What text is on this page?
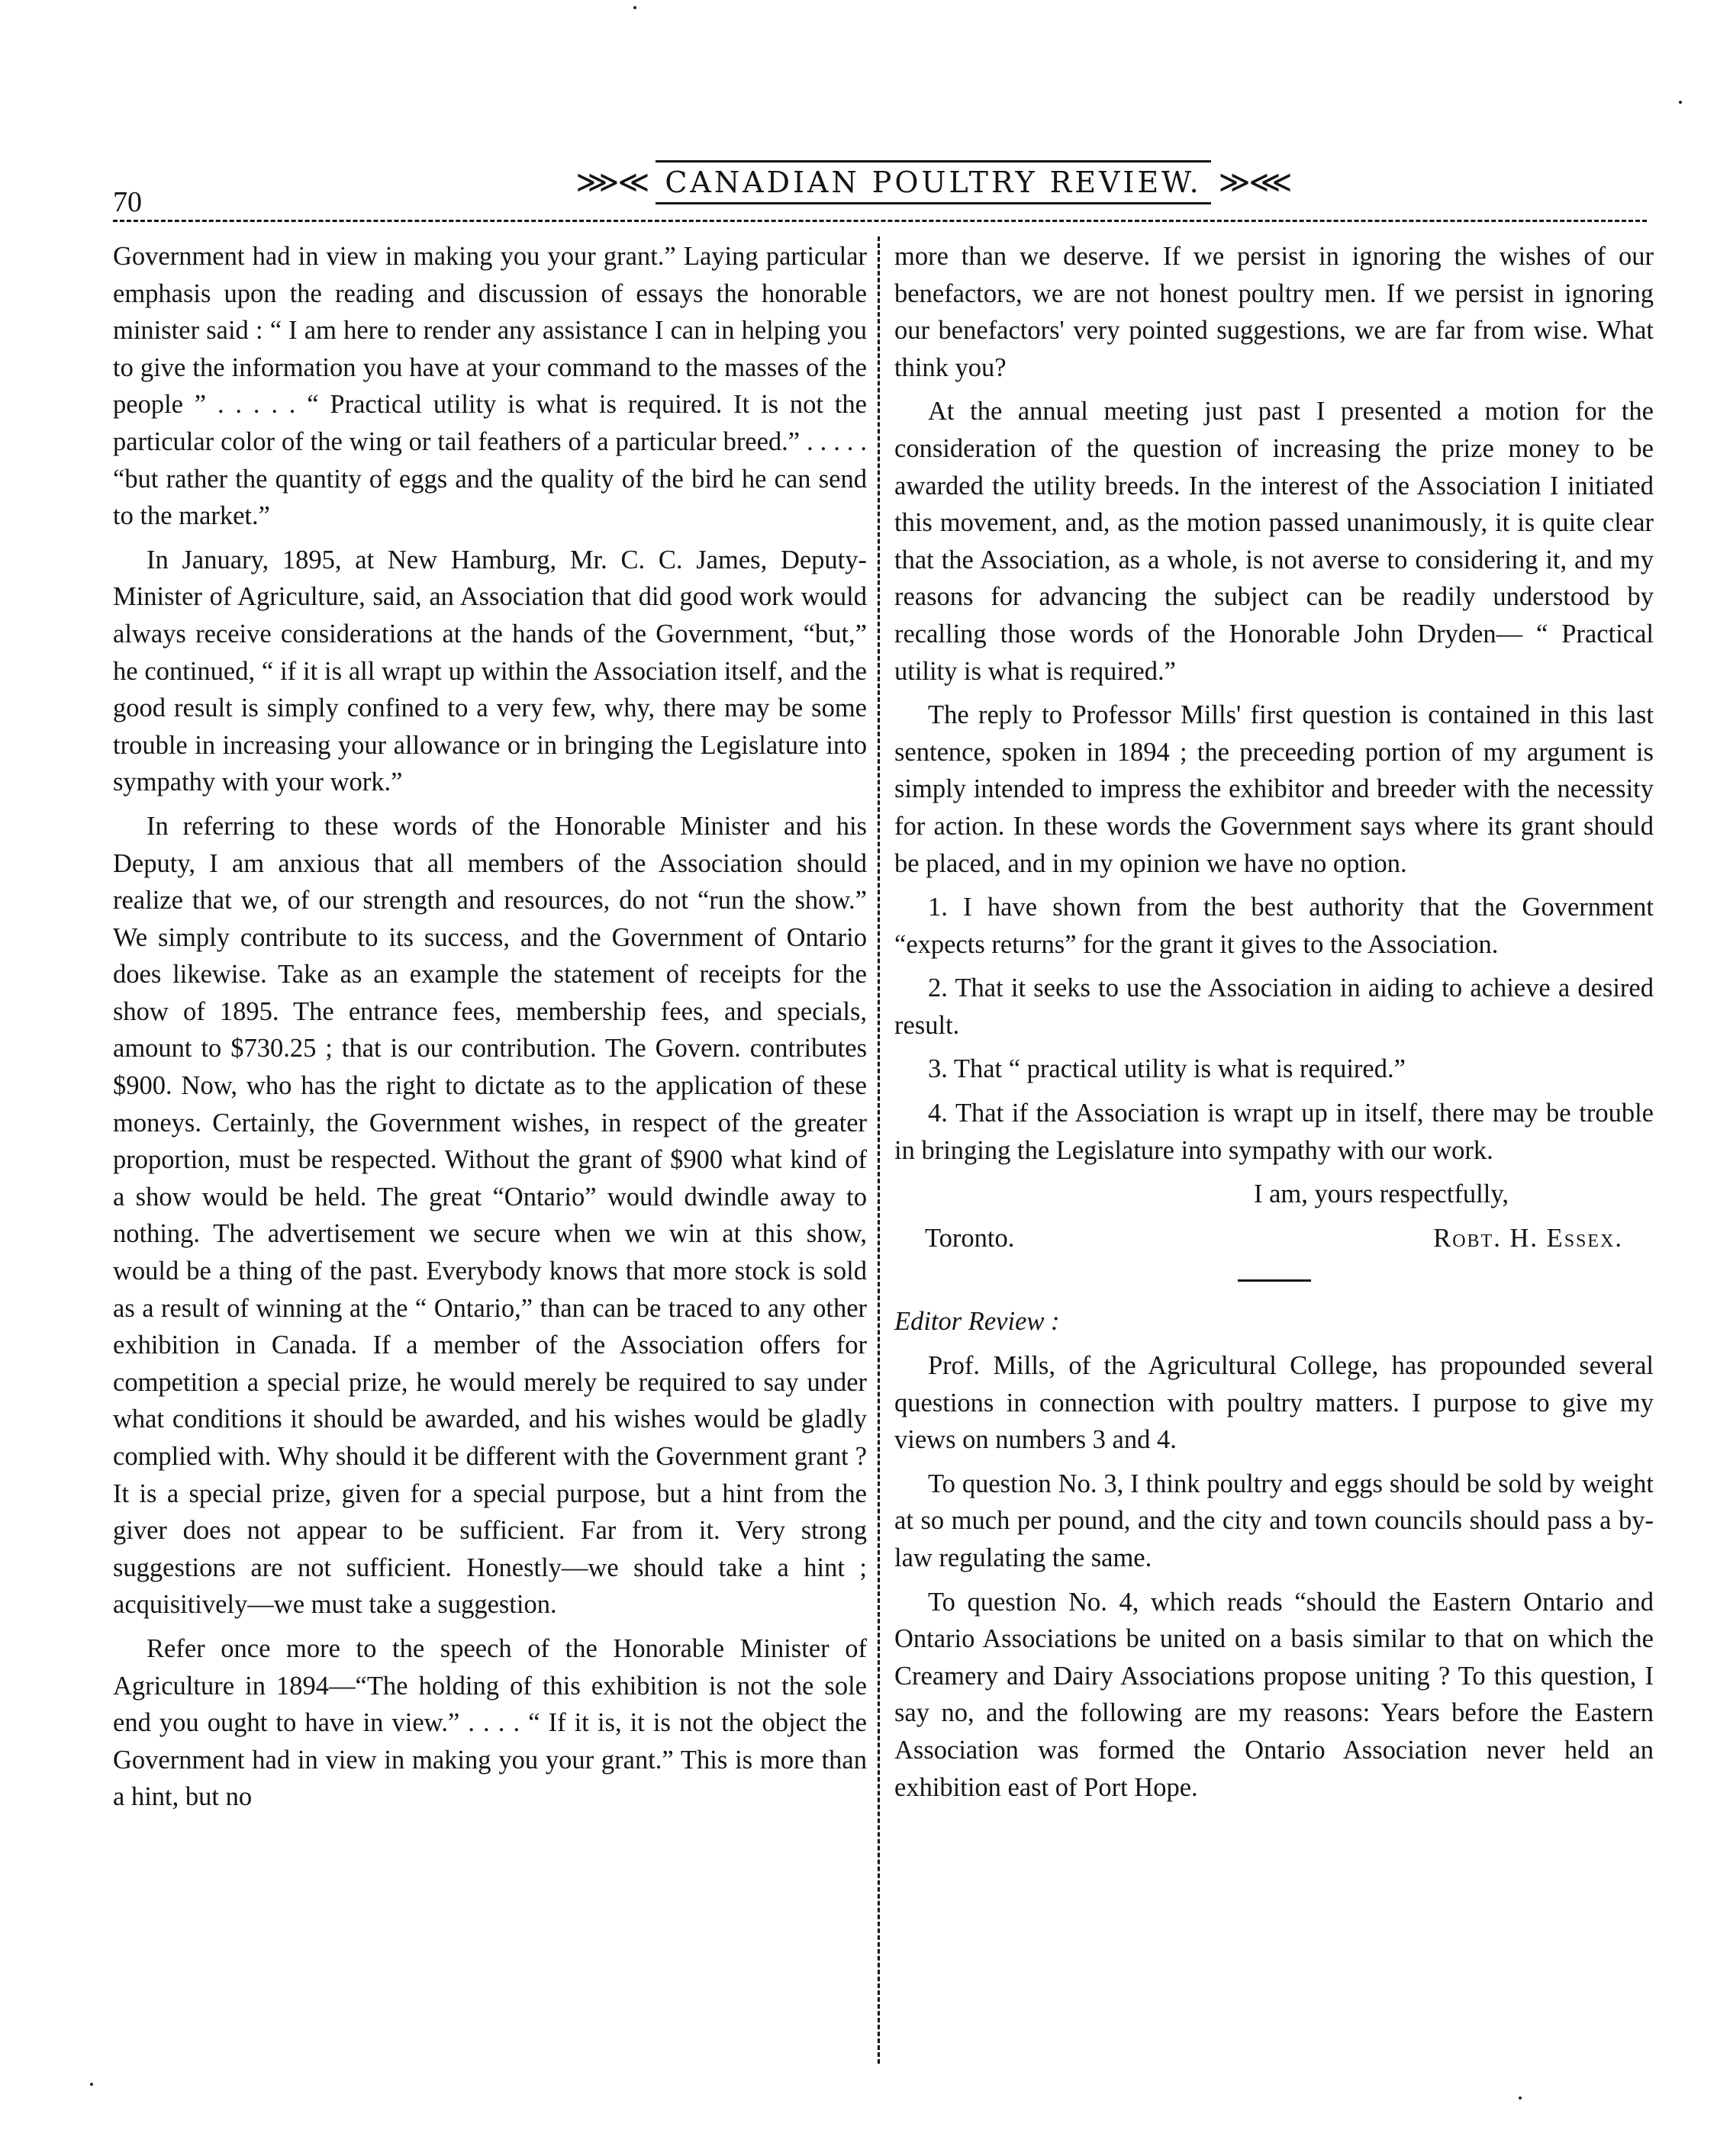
70
⋙≪ CANADIAN POULTRY REVIEW. ≫⋘

Government had in view in making you your grant.” Laying particular emphasis upon the reading and discussion of essays the honorable minister said : “ I am here to render any assistance I can in helping you to give the information you have at your command to the masses of the people ” . . . . . “ Practical utility is what is required. It is not the particular color of the wing or tail feathers of a particular breed.” . . . . . “but rather the quantity of eggs and the quality of the bird he can send to the market.”

In January, 1895, at New Hamburg, Mr. C. C. James, Deputy-Minister of Agriculture, said, an Association that did good work would always receive considerations at the hands of the Government, “but,” he continued, “ if it is all wrapt up within the Association itself, and the good result is simply confined to a very few, why, there may be some trouble in increasing your allowance or in bringing the Legislature into sympathy with your work.”

In referring to these words of the Honorable Minister and his Deputy, I am anxious that all members of the Association should realize that we, of our strength and resources, do not “run the show.” We simply contribute to its success, and the Government of Ontario does likewise. Take as an example the statement of receipts for the show of 1895. The entrance fees, membership fees, and specials, amount to $730.25 ; that is our contribution. The Govern. contributes $900. Now, who has the right to dictate as to the application of these moneys. Certainly, the Government wishes, in respect of the greater proportion, must be respected. Without the grant of $900 what kind of a show would be held. The great “Ontario” would dwindle away to nothing. The advertisement we secure when we win at this show, would be a thing of the past. Everybody knows that more stock is sold as a result of winning at the “ Ontario,” than can be traced to any other exhibition in Canada. If a member of the Association offers for competition a special prize, he would merely be required to say under what conditions it should be awarded, and his wishes would be gladly complied with. Why should it be different with the Government grant ? It is a special prize, given for a special purpose, but a hint from the giver does not appear to be sufficient. Far from it. Very strong suggestions are not sufficient. Honestly—we should take a hint ; acquisitively—we must take a suggestion.

Refer once more to the speech of the Honorable Minister of Agriculture in 1894—“The holding of this exhibition is not the sole end you ought to have in view.” . . . . “ If it is, it is not the object the Government had in view in making you your grant.” This is more than a hint, but no

more than we deserve. If we persist in ignoring the wishes of our benefactors, we are not honest poultry men. If we persist in ignoring our benefactors' very pointed suggestions, we are far from wise. What think you?

At the annual meeting just past I presented a motion for the consideration of the question of increasing the prize money to be awarded the utility breeds. In the interest of the Association I initiated this movement, and, as the motion passed unanimously, it is quite clear that the Association, as a whole, is not averse to considering it, and my reasons for advancing the subject can be readily understood by recalling those words of the Honorable John Dryden— “ Practical utility is what is required.”

The reply to Professor Mills' first question is contained in this last sentence, spoken in 1894 ; the preceeding portion of my argument is simply intended to impress the exhibitor and breeder with the necessity for action. In these words the Government says where its grant should be placed, and in my opinion we have no option.

1. I have shown from the best authority that the Government “expects returns” for the grant it gives to the Association.

2. That it seeks to use the Association in aiding to achieve a desired result.

3. That “ practical utility is what is required.”

4. That if the Association is wrapt up in itself, there may be trouble in bringing the Legislature into sympathy with our work.

I am, yours respectfully,

Toronto.	Robt. H. Essex.

Editor Review :

Prof. Mills, of the Agricultural College, has propounded several questions in connection with poultry matters. I purpose to give my views on numbers 3 and 4.

To question No. 3, I think poultry and eggs should be sold by weight at so much per pound, and the city and town councils should pass a by-law regulating the same.

To question No. 4, which reads “should the Eastern Ontario and Ontario Associations be united on a basis similar to that on which the Creamery and Dairy Associations propose uniting ? To this question, I say no, and the following are my reasons: Years before the Eastern Association was formed the Ontario Association never held an exhibition east of Port Hope.
